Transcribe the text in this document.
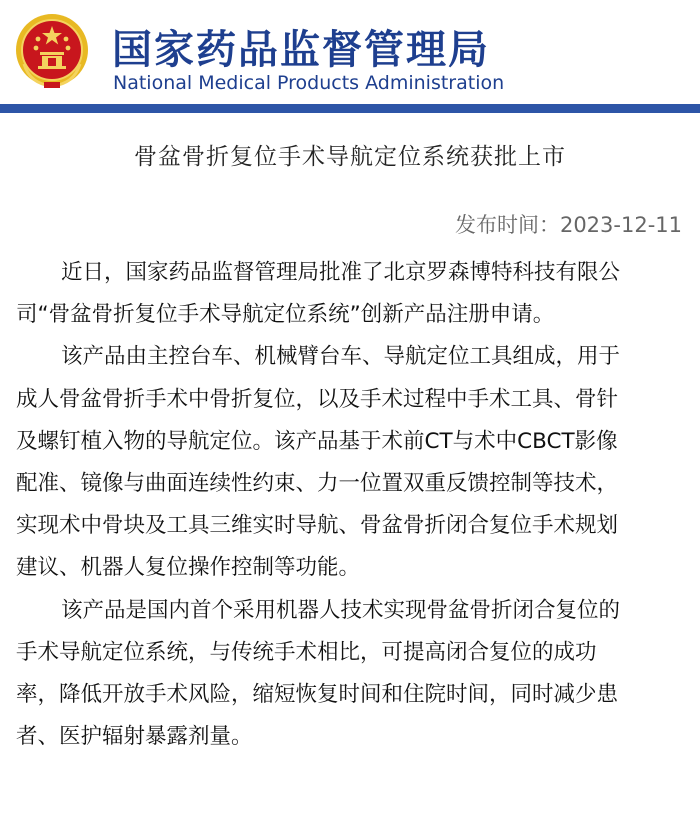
国家药品监督管理局
National Medical Products Administration
骨盆骨折复位手术导航定位系统获批上市
发布时间：2023-12-11

近日，国家药品监督管理局批准了北京罗森博特科技有限公
司“骨盆骨折复位手术导航定位系统”创新产品注册申请。

该产品由主控台车、机械臂台车、导航定位工具组成，用于
成人骨盆骨折手术中骨折复位，以及手术过程中手术工具、骨针
及螺钉植入物的导航定位。该产品基于术前CT与术中CBCT影像
配准、镜像与曲面连续性约束、力一位置双重反馈控制等技术，
实现术中骨块及工具三维实时导航、骨盆骨折闭合复位手术规划
建议、机器人复位操作控制等功能。

该产品是国内首个采用机器人技术实现骨盆骨折闭合复位的
手术导航定位系统，与传统手术相比，可提高闭合复位的成功
率，降低开放手术风险，缩短恢复时间和住院时间，同时减少患
者、医护辐射暴露剂量。
